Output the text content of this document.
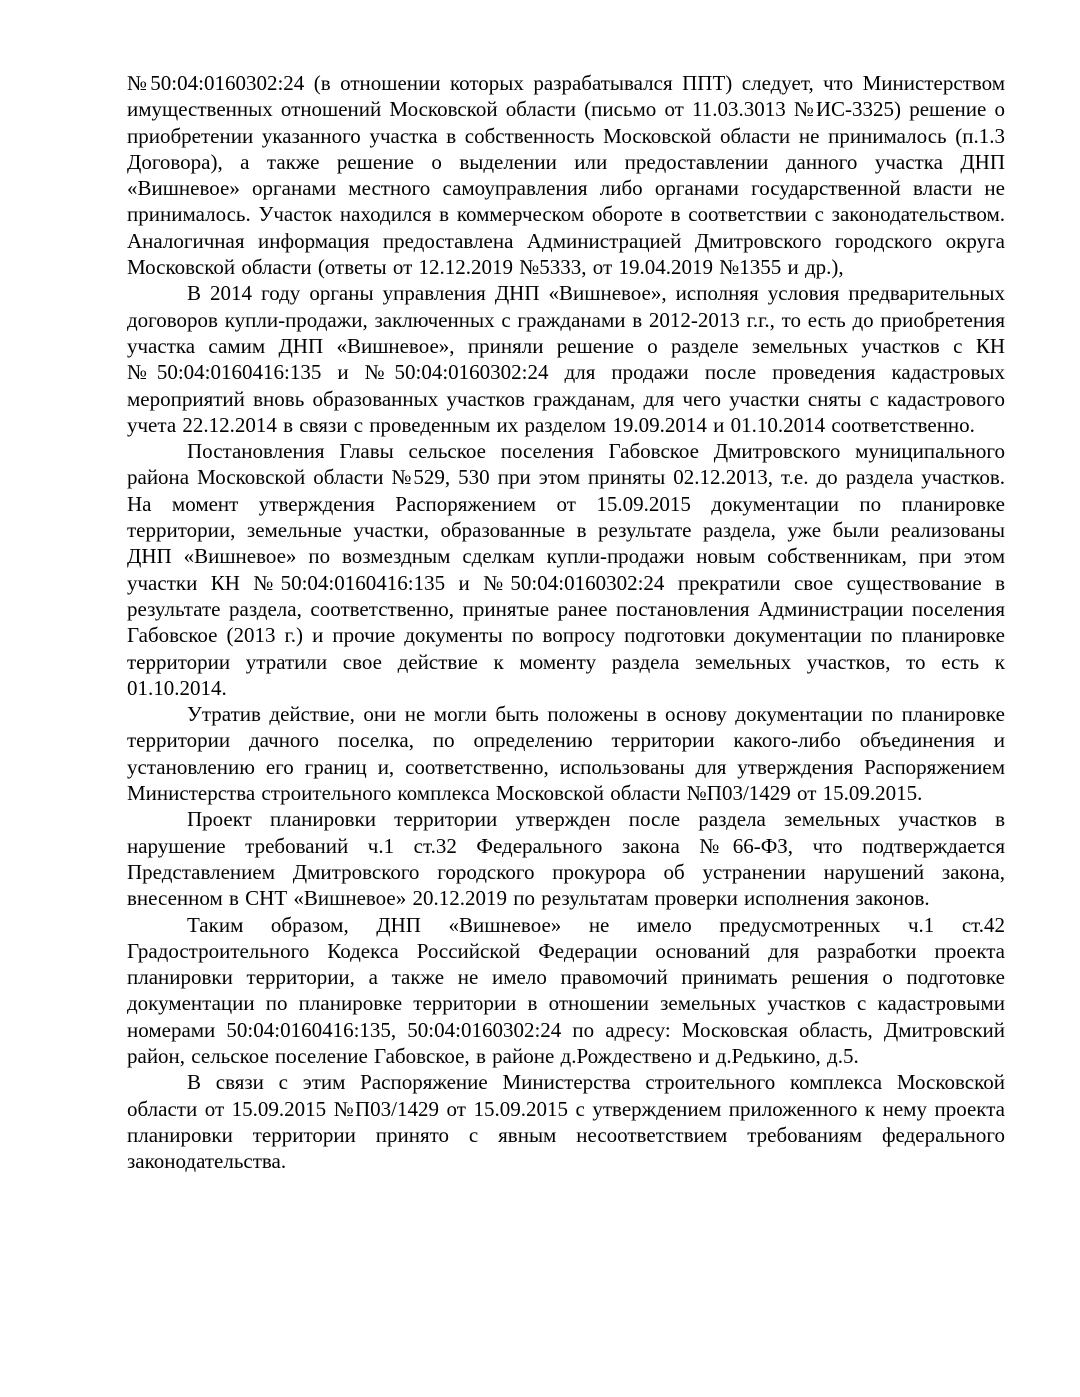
№50:04:0160302:24 (в отношении которых разрабатывался ППТ) следует, что Министерством имущественных отношений Московской области (письмо от 11.03.3013 №ИС-3325) решение о приобретении указанного участка в собственность Московской области не принималось (п.1.3 Договора), а также решение о выделении или предоставлении данного участка ДНП «Вишневое» органами местного самоуправления либо органами государственной власти не принималось. Участок находился в коммерческом обороте в соответствии с законодательством. Аналогичная информация предоставлена Администрацией Дмитровского городского округа Московской области (ответы от 12.12.2019 №5333, от 19.04.2019 №1355 и др.),

В 2014 году органы управления ДНП «Вишневое», исполняя условия предварительных договоров купли-продажи, заключенных с гражданами в 2012-2013 г.г., то есть до приобретения участка самим ДНП «Вишневое», приняли решение о разделе земельных участков с КН №50:04:0160416:135 и №50:04:0160302:24 для продажи после проведения кадастровых мероприятий вновь образованных участков гражданам, для чего участки сняты с кадастрового учета 22.12.2014 в связи с проведенным их разделом 19.09.2014 и 01.10.2014 соответственно.

Постановления Главы сельское поселения Габовское Дмитровского муниципального района Московской области №529, 530 при этом приняты 02.12.2013, т.е. до раздела участков. На момент утверждения Распоряжением от 15.09.2015 документации по планировке территории, земельные участки, образованные в результате раздела, уже были реализованы ДНП «Вишневое» по возмездным сделкам купли-продажи новым собственникам, при этом участки КН №50:04:0160416:135 и №50:04:0160302:24 прекратили свое существование в результате раздела, соответственно, принятые ранее постановления Администрации поселения Габовское (2013 г.) и прочие документы по вопросу подготовки документации по планировке территории утратили свое действие к моменту раздела земельных участков, то есть к 01.10.2014.

Утратив действие, они не могли быть положены в основу документации по планировке территории дачного поселка, по определению территории какого-либо объединения и установлению его границ и, соответственно, использованы для утверждения Распоряжением Министерства строительного комплекса Московской области №П03/1429 от 15.09.2015.

Проект планировки территории утвержден после раздела земельных участков в нарушение требований ч.1 ст.32 Федерального закона №66-ФЗ, что подтверждается Представлением Дмитровского городского прокурора об устранении нарушений закона, внесенном в СНТ «Вишневое» 20.12.2019 по результатам проверки исполнения законов.

Таким образом, ДНП «Вишневое» не имело предусмотренных ч.1 ст.42 Градостроительного Кодекса Российской Федерации оснований для разработки проекта планировки территории, а также не имело правомочий принимать решения о подготовке документации по планировке территории в отношении земельных участков с кадастровыми номерами 50:04:0160416:135, 50:04:0160302:24 по адресу: Московская область, Дмитровский район, сельское поселение Габовское, в районе д.Рождествено и д.Редькино, д.5.

В связи с этим Распоряжение Министерства строительного комплекса Московской области от 15.09.2015 №П03/1429 от 15.09.2015 с утверждением приложенного к нему проекта планировки территории принято с явным несоответствием требованиям федерального законодательства.
